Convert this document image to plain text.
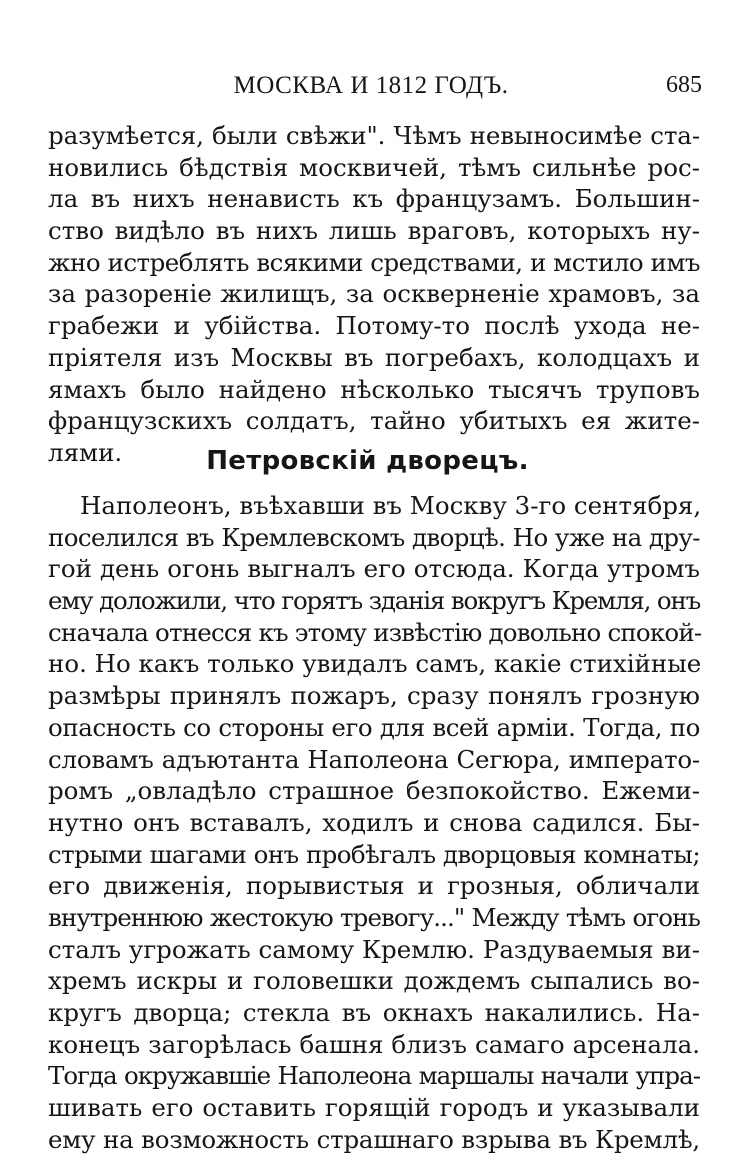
МОСКВА И 1812 ГОДЪ.	685
разумѣется, были свѣжи". Чѣмъ невыносимѣе ста-
новились бѣдствія москвичей, тѣмъ сильнѣе рос-
ла въ нихъ ненависть къ французамъ. Большин-
ство видѣло въ нихъ лишь враговъ, которыхъ ну-
жно истреблять всякими средствами, и мстило имъ
за разореніе жилищъ, за оскверненіе храмовъ, за
грабежи и убійства. Потому-то послѣ ухода не-
пріятеля изъ Москвы въ погребахъ, колодцахъ и
ямахъ было найдено нѣсколько тысячъ труповъ
французскихъ солдатъ, тайно убитыхъ ея жите-
лями.	Петровскій дворецъ.
Наполеонъ, въѣхавши въ Москву 3-го сентября,
поселился въ Кремлевскомъ дворцѣ. Но уже на дру-
гой день огонь выгналъ его отсюда. Когда утромъ
ему доложили, что горятъ зданія вокругъ Кремля, онъ
сначала отнесся къ этому извѣстію довольно спокой-
но. Но какъ только увидалъ самъ, какіе стихійные
размѣры принялъ пожаръ, сразу понялъ грозную
опасность со стороны его для всей арміи. Тогда, по
словамъ адъютанта Наполеона Сегюра, императо-
ромъ „овладѣло страшное безпокойство. Ежеми-
нутно онъ вставалъ, ходилъ и снова садился. Бы-
стрыми шагами онъ пробѣгалъ дворцовыя комнаты;
его движенія, порывистыя и грозныя, обличали
внутреннюю жестокую тревогу..." Между тѣмъ огонь
сталъ угрожать самому Кремлю. Раздуваемыя ви-
хремъ искры и головешки дождемъ сыпались во-
кругъ дворца; стекла въ окнахъ накалились. На-
конецъ загорѣлась башня близъ самаго арсенала.
Тогда окружавшіе Наполеона маршалы начали упра-
шивать его оставить горящій городъ и указывали
ему на возможность страшнаго взрыва въ Кремлѣ,
